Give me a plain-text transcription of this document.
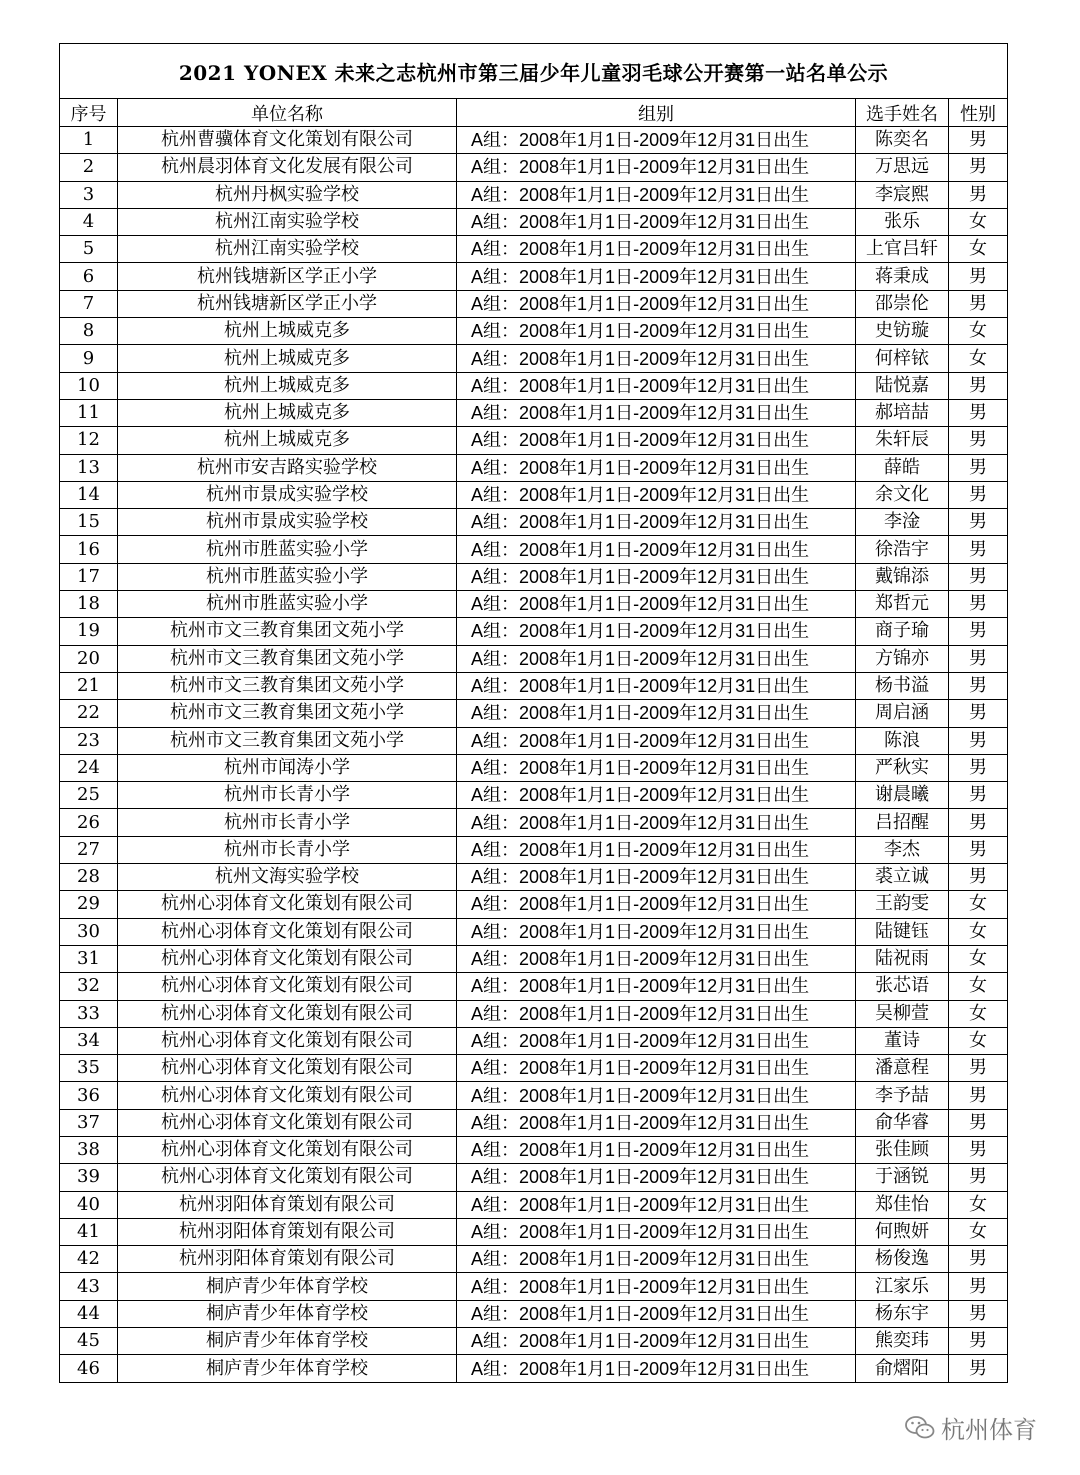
2021 YONEX 未来之志杭州市第三届少年儿童羽毛球公开赛第一站名单公示				
序号	单位名称	组别	选手姓名	性别
1	杭州曹骥体育文化策划有限公司	A组：2008年1月1日-2009年12月31日出生	陈奕名	男
2	杭州晨羽体育文化发展有限公司	A组：2008年1月1日-2009年12月31日出生	万思远	男
3	杭州丹枫实验学校	A组：2008年1月1日-2009年12月31日出生	李宸熙	男
4	杭州江南实验学校	A组：2008年1月1日-2009年12月31日出生	张乐	女
5	杭州江南实验学校	A组：2008年1月1日-2009年12月31日出生	上官吕轩	女
6	杭州钱塘新区学正小学	A组：2008年1月1日-2009年12月31日出生	蒋秉成	男
7	杭州钱塘新区学正小学	A组：2008年1月1日-2009年12月31日出生	邵崇伦	男
8	杭州上城威克多	A组：2008年1月1日-2009年12月31日出生	史钫璇	女
9	杭州上城威克多	A组：2008年1月1日-2009年12月31日出生	何梓铱	女
10	杭州上城威克多	A组：2008年1月1日-2009年12月31日出生	陆悦嘉	男
11	杭州上城威克多	A组：2008年1月1日-2009年12月31日出生	郝培喆	男
12	杭州上城威克多	A组：2008年1月1日-2009年12月31日出生	朱轩辰	男
13	杭州市安吉路实验学校	A组：2008年1月1日-2009年12月31日出生	薛皓	男
14	杭州市景成实验学校	A组：2008年1月1日-2009年12月31日出生	余文化	男
15	杭州市景成实验学校	A组：2008年1月1日-2009年12月31日出生	李淦	男
16	杭州市胜蓝实验小学	A组：2008年1月1日-2009年12月31日出生	徐浩宇	男
17	杭州市胜蓝实验小学	A组：2008年1月1日-2009年12月31日出生	戴锦添	男
18	杭州市胜蓝实验小学	A组：2008年1月1日-2009年12月31日出生	郑哲元	男
19	杭州市文三教育集团文苑小学	A组：2008年1月1日-2009年12月31日出生	商子瑜	男
20	杭州市文三教育集团文苑小学	A组：2008年1月1日-2009年12月31日出生	方锦亦	男
21	杭州市文三教育集团文苑小学	A组：2008年1月1日-2009年12月31日出生	杨书溢	男
22	杭州市文三教育集团文苑小学	A组：2008年1月1日-2009年12月31日出生	周启涵	男
23	杭州市文三教育集团文苑小学	A组：2008年1月1日-2009年12月31日出生	陈浪	男
24	杭州市闻涛小学	A组：2008年1月1日-2009年12月31日出生	严秋实	男
25	杭州市长青小学	A组：2008年1月1日-2009年12月31日出生	谢晨曦	男
26	杭州市长青小学	A组：2008年1月1日-2009年12月31日出生	吕招醒	男
27	杭州市长青小学	A组：2008年1月1日-2009年12月31日出生	李杰	男
28	杭州文海实验学校	A组：2008年1月1日-2009年12月31日出生	裘立诚	男
29	杭州心羽体育文化策划有限公司	A组：2008年1月1日-2009年12月31日出生	王韵雯	女
30	杭州心羽体育文化策划有限公司	A组：2008年1月1日-2009年12月31日出生	陆键钰	女
31	杭州心羽体育文化策划有限公司	A组：2008年1月1日-2009年12月31日出生	陆祝雨	女
32	杭州心羽体育文化策划有限公司	A组：2008年1月1日-2009年12月31日出生	张芯语	女
33	杭州心羽体育文化策划有限公司	A组：2008年1月1日-2009年12月31日出生	吴柳萱	女
34	杭州心羽体育文化策划有限公司	A组：2008年1月1日-2009年12月31日出生	董诗	女
35	杭州心羽体育文化策划有限公司	A组：2008年1月1日-2009年12月31日出生	潘意程	男
36	杭州心羽体育文化策划有限公司	A组：2008年1月1日-2009年12月31日出生	李予喆	男
37	杭州心羽体育文化策划有限公司	A组：2008年1月1日-2009年12月31日出生	俞华睿	男
38	杭州心羽体育文化策划有限公司	A组：2008年1月1日-2009年12月31日出生	张佳顾	男
39	杭州心羽体育文化策划有限公司	A组：2008年1月1日-2009年12月31日出生	于涵锐	男
40	杭州羽阳体育策划有限公司	A组：2008年1月1日-2009年12月31日出生	郑佳怡	女
41	杭州羽阳体育策划有限公司	A组：2008年1月1日-2009年12月31日出生	何煦妍	女
42	杭州羽阳体育策划有限公司	A组：2008年1月1日-2009年12月31日出生	杨俊逸	男
43	桐庐青少年体育学校	A组：2008年1月1日-2009年12月31日出生	江家乐	男
44	桐庐青少年体育学校	A组：2008年1月1日-2009年12月31日出生	杨东宇	男
45	桐庐青少年体育学校	A组：2008年1月1日-2009年12月31日出生	熊奕玮	男
46	桐庐青少年体育学校	A组：2008年1月1日-2009年12月31日出生	俞熠阳	男
杭州体育
